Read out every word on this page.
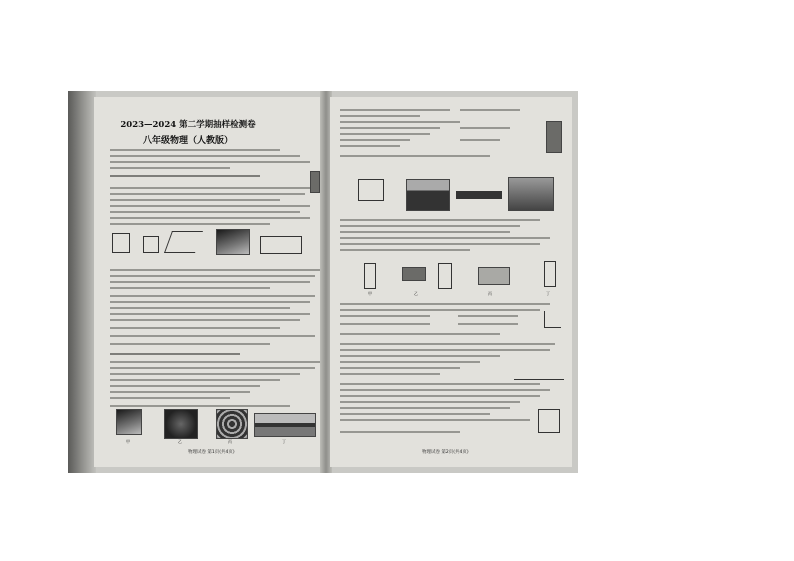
2023—2024 第二学期抽样检测卷
八年级物理（人教版）
甲	乙	丙	丁
物理试卷 第1页(共4页)
甲	乙	丙	丁
物理试卷 第2页(共4页)
